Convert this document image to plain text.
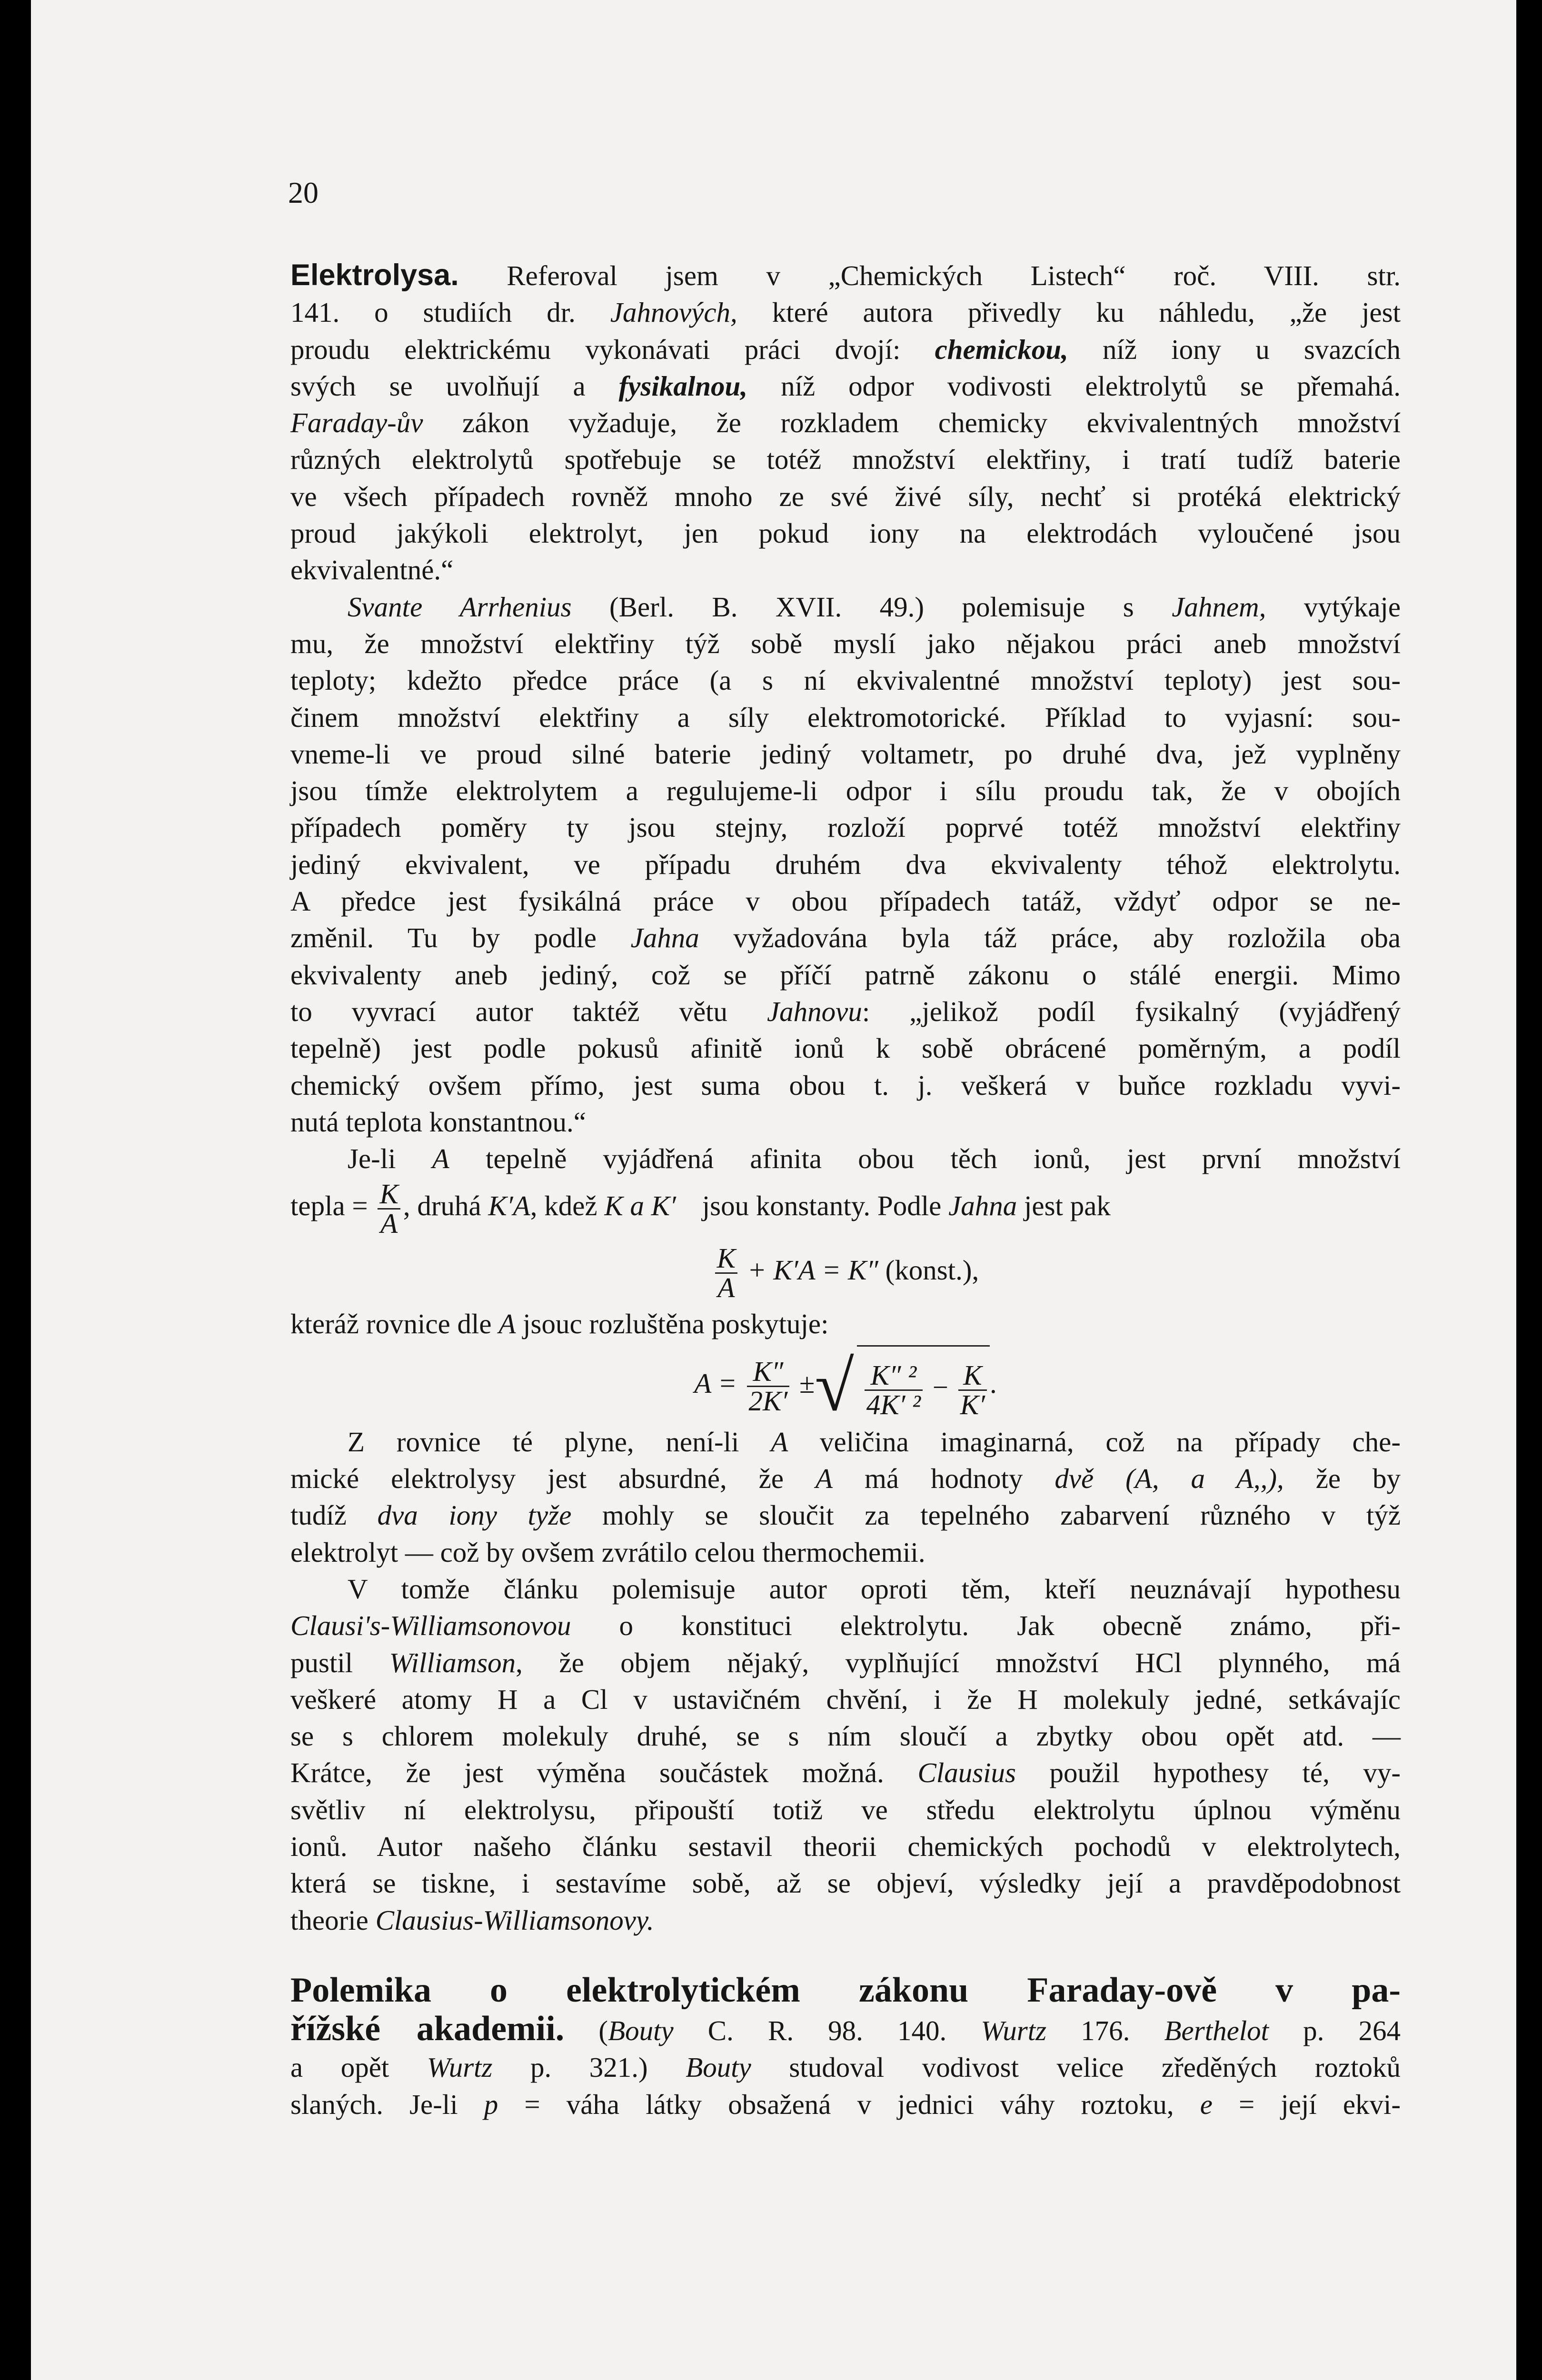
20
Elektrolysa. Referoval jsem v „Chemických Listech“ roč. VIII. str.
141. o studiích dr. Jahnových, které autora přivedly ku náhledu, „že jest
proudu elektrickému vykonávati práci dvojí: chemickou, níž iony u svazcích
svých se uvolňují a fysikalnou, níž odpor vodivosti elektrolytů se přemahá.
Faraday-ův zákon vyžaduje, že rozkladem chemicky ekvivalentných množství
různých elektrolytů spotřebuje se totéž množství elektřiny, i tratí tudíž baterie
ve všech případech rovněž mnoho ze své živé síly, nechť si protéká elektrický
proud jakýkoli elektrolyt, jen pokud iony na elektrodách vyloučené jsou
ekvivalentné.“
Svante Arrhenius (Berl. B. XVII. 49.) polemisuje s Jahnem, vytýkaje
mu, že množství elektřiny týž sobě myslí jako nějakou práci aneb množství
teploty; kdežto předce práce (a s ní ekvivalentné množství teploty) jest sou-
činem množství elektřiny a síly elektromotorické. Příklad to vyjasní: sou-
vneme-li ve proud silné baterie jediný voltametr, po druhé dva, jež vyplněny
jsou tímže elektrolytem a regulujeme-li odpor i sílu proudu tak, že v obojích
případech poměry ty jsou stejny, rozloží poprvé totéž množství elektřiny
jediný ekvivalent, ve případu druhém dva ekvivalenty téhož elektrolytu.
A předce jest fysikálná práce v obou případech tatáž, vždyť odpor se ne-
změnil. Tu by podle Jahna vyžadována byla táž práce, aby rozložila oba
ekvivalenty aneb jediný, což se příčí patrně zákonu o stálé energii. Mimo
to vyvrací autor taktéž větu Jahnovu: „jelikož podíl fysikalný (vyjádřený
tepelně) jest podle pokusů afinitě ionů k sobě obrácené poměrným, a podíl
chemický ovšem přímo, jest suma obou t. j. veškerá v buňce rozkladu vyvi-
nutá teplota konstantnou.“
Je-li A tepelně vyjádřená afinita obou těch ionů, jest první množství
tepla = $\frac{K}{A}$ , druhá K′A, kdež K a K′ jsou konstanty. Podle Jahna jest pak
$\frac{K}{A} + K'A = K''$ (konst.),
kteráž rovnice dle A jsouc rozluštěna poskytuje:
$A = \frac{K''}{2K'}$ ±√ $\frac{\text{K″ ²}}{\text{4K′ ²}} - \frac{K}{K'}$ .
Z rovnice té plyne, není-li A veličina imaginarná, což na případy che-
mické elektrolysy jest absurdné, že A má hodnoty dvě (A, a A,,), že by
tudíž dva iony tyže mohly se sloučit za tepelného zabarvení různého v týž
elektrolyt — což by ovšem zvrátilo celou thermochemii.
V tomže článku polemisuje autor oproti těm, kteří neuznávají hypothesu
Clausi's-Williamsonovou o konstituci elektrolytu. Jak obecně známo, při-
pustil Williamson, že objem nějaký, vyplňující množství HCl plynného, má
veškeré atomy H a Cl v ustavičném chvění, i že H molekuly jedné, setkávajíc
se s chlorem molekuly druhé, se s ním sloučí a zbytky obou opět atd. —
Krátce, že jest výměna součástek možná. Clausius použil hypothesy té, vy-
světliv ní elektrolysu, připouští totiž ve středu elektrolytu úplnou výměnu
ionů. Autor našeho článku sestavil theorii chemických pochodů v elektrolytech,
která se tiskne, i sestavíme sobě, až se objeví, výsledky její a pravděpodobnost
theorie Clausius-Williamsonovy.
Polemika o elektrolytickém zákonu Faraday-ově v pa-
řížské akademii. (Bouty C. R. 98. 140. Wurtz 176. Berthelot p. 264
a opět Wurtz p. 321.) Bouty studoval vodivost velice zředěných roztoků
slaných. Je-li p = váha látky obsažená v jednici váhy roztoku, e = její ekvi-
